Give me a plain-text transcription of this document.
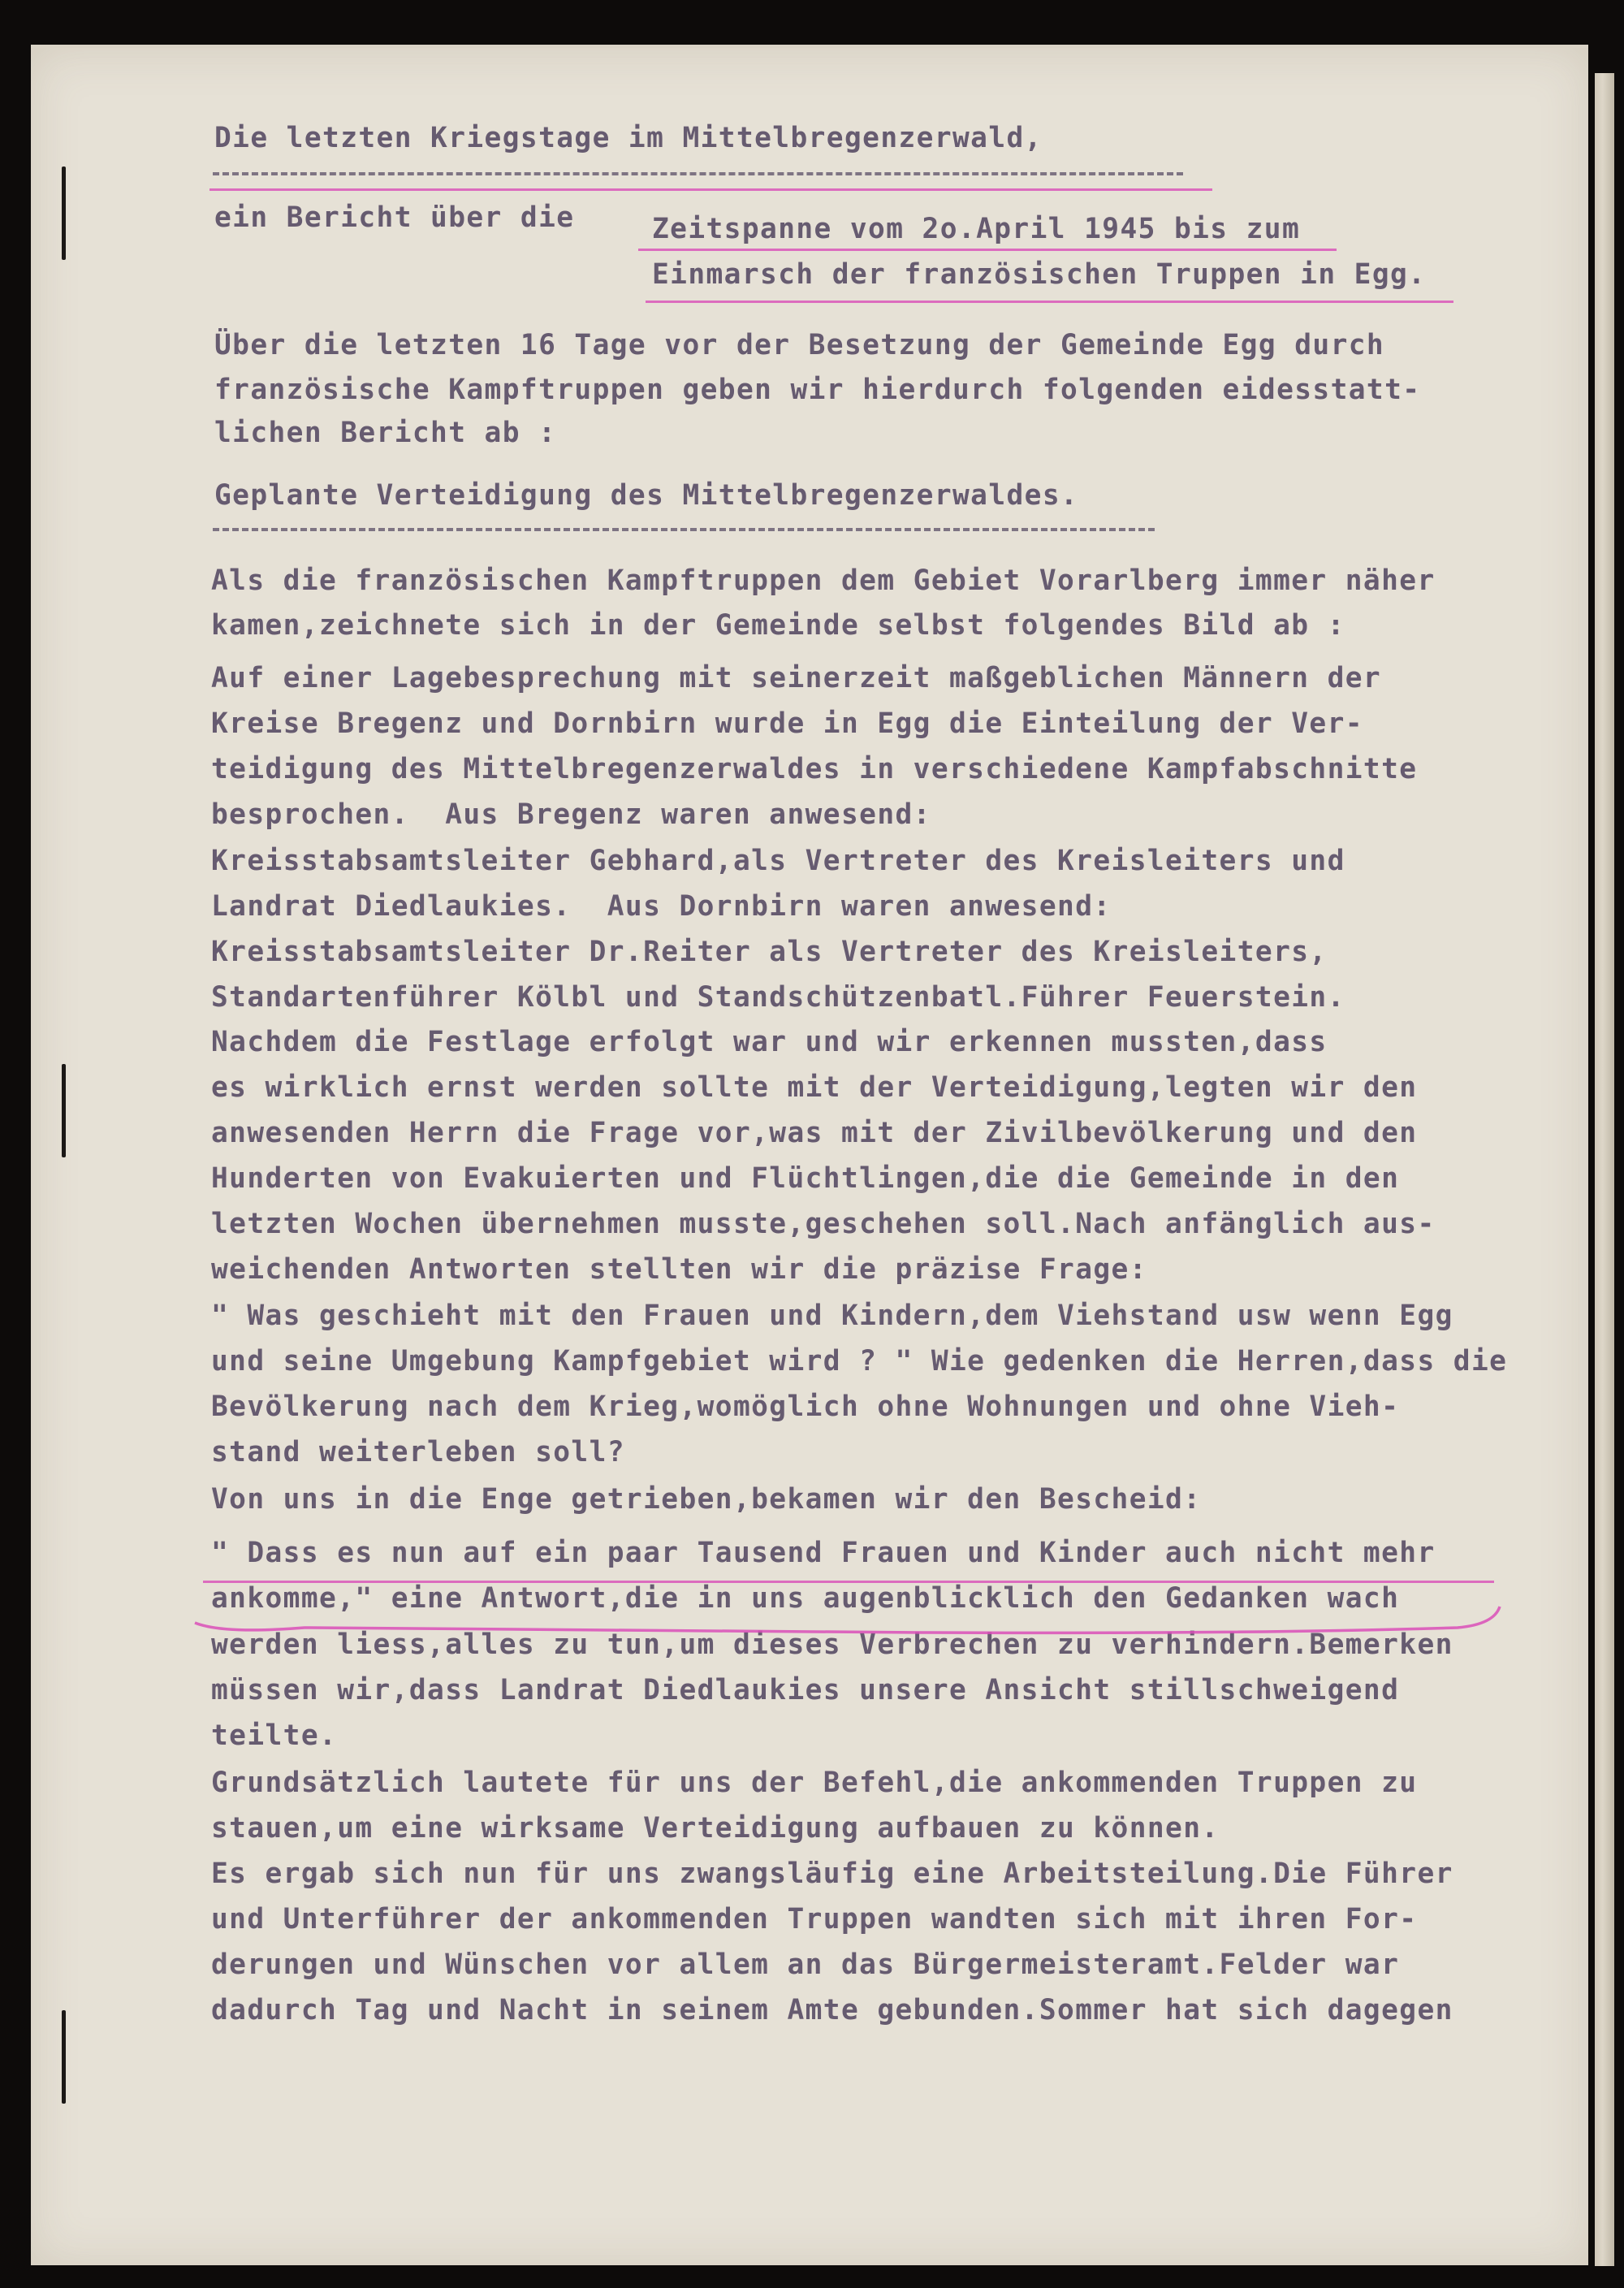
Die letzten Kriegstage im Mittelbregenzerwald,
ein Bericht über die	Zeitspanne vom 2o.April 1945 bis zum
Einmarsch der französischen Truppen in Egg.
Über die letzten 16 Tage vor der Besetzung der Gemeinde Egg durch
französische Kampftruppen geben wir hierdurch folgenden eidesstatt-
lichen Bericht ab :
Geplante Verteidigung des Mittelbregenzerwaldes.
Als die französischen Kampftruppen dem Gebiet Vorarlberg immer näher
kamen,zeichnete sich in der Gemeinde selbst folgendes Bild ab :
Auf einer Lagebesprechung mit seinerzeit maßgeblichen Männern der
Kreise Bregenz und Dornbirn wurde in Egg die Einteilung der Ver-
teidigung des Mittelbregenzerwaldes in verschiedene Kampfabschnitte
besprochen.  Aus Bregenz waren anwesend:
Kreisstabsamtsleiter Gebhard,als Vertreter des Kreisleiters und
Landrat Diedlaukies.  Aus Dornbirn waren anwesend:
Kreisstabsamtsleiter Dr.Reiter als Vertreter des Kreisleiters,
Standartenführer Kölbl und Standschützenbatl.Führer Feuerstein.
Nachdem die Festlage erfolgt war und wir erkennen mussten,dass
es wirklich ernst werden sollte mit der Verteidigung,legten wir den
anwesenden Herrn die Frage vor,was mit der Zivilbevölkerung und den
Hunderten von Evakuierten und Flüchtlingen,die die Gemeinde in den
letzten Wochen übernehmen musste,geschehen soll.Nach anfänglich aus-
weichenden Antworten stellten wir die präzise Frage:
" Was geschieht mit den Frauen und Kindern,dem Viehstand usw wenn Egg
und seine Umgebung Kampfgebiet wird ? " Wie gedenken die Herren,dass die
Bevölkerung nach dem Krieg,womöglich ohne Wohnungen und ohne Vieh-
stand weiterleben soll?
Von uns in die Enge getrieben,bekamen wir den Bescheid:
" Dass es nun auf ein paar Tausend Frauen und Kinder auch nicht mehr
ankomme," eine Antwort,die in uns augenblicklich den Gedanken wach
werden liess,alles zu tun,um dieses Verbrechen zu verhindern.Bemerken
müssen wir,dass Landrat Diedlaukies unsere Ansicht stillschweigend
teilte.
Grundsätzlich lautete für uns der Befehl,die ankommenden Truppen zu
stauen,um eine wirksame Verteidigung aufbauen zu können.
Es ergab sich nun für uns zwangsläufig eine Arbeitsteilung.Die Führer
und Unterführer der ankommenden Truppen wandten sich mit ihren For-
derungen und Wünschen vor allem an das Bürgermeisteramt.Felder war
dadurch Tag und Nacht in seinem Amte gebunden.Sommer hat sich dagegen
